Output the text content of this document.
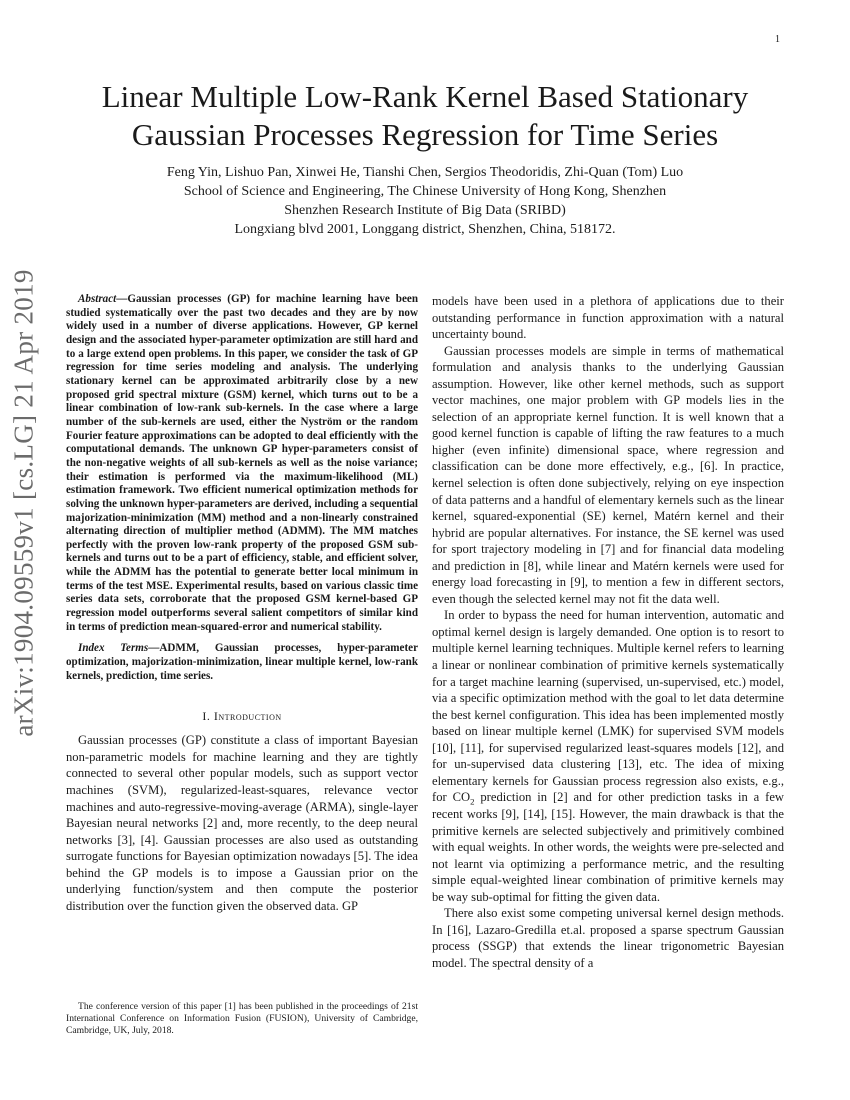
1
arXiv:1904.09559v1 [cs.LG] 21 Apr 2019
Linear Multiple Low-Rank Kernel Based Stationary
Gaussian Processes Regression for Time Series
Feng Yin, Lishuo Pan, Xinwei He, Tianshi Chen, Sergios Theodoridis, Zhi-Quan (Tom) Luo
School of Science and Engineering, The Chinese University of Hong Kong, Shenzhen
Shenzhen Research Institute of Big Data (SRIBD)
Longxiang blvd 2001, Longgang district, Shenzhen, China, 518172.

Abstract—Gaussian processes (GP) for machine learning have been studied systematically over the past two decades and they are by now widely used in a number of diverse applications. However, GP kernel design and the associated hyper-parameter optimization are still hard and to a large extend open problems. In this paper, we consider the task of GP regression for time series modeling and analysis. The underlying stationary kernel can be approximated arbitrarily close by a new proposed grid spectral mixture (GSM) kernel, which turns out to be a linear combination of low-rank sub-kernels. In the case where a large number of the sub-kernels are used, either the Nyström or the random Fourier feature approximations can be adopted to deal efficiently with the computational demands. The unknown GP hyper-parameters consist of the non-negative weights of all sub-kernels as well as the noise variance; their estimation is performed via the maximum-likelihood (ML) estimation framework. Two efficient numerical optimization methods for solving the unknown hyper-parameters are derived, including a sequential majorization-minimization (MM) method and a non-linearly constrained alternating direction of multiplier method (ADMM). The MM matches perfectly with the proven low-rank property of the proposed GSM sub-kernels and turns out to be a part of efficiency, stable, and efficient solver, while the ADMM has the potential to generate better local minimum in terms of the test MSE. Experimental results, based on various classic time series data sets, corroborate that the proposed GSM kernel-based GP regression model outperforms several salient competitors of similar kind in terms of prediction mean-squared-error and numerical stability.

Index Terms—ADMM, Gaussian processes, hyper-parameter optimization, majorization-minimization, linear multiple kernel, low-rank kernels, prediction, time series.

I. Introduction

Gaussian processes (GP) constitute a class of important Bayesian non-parametric models for machine learning and they are tightly connected to several other popular models, such as support vector machines (SVM), regularized-least-squares, relevance vector machines and auto-regressive-moving-average (ARMA), single-layer Bayesian neural networks [2] and, more recently, to the deep neural networks [3], [4]. Gaussian processes are also used as outstanding surrogate functions for Bayesian optimization nowadays [5]. The idea behind the GP models is to impose a Gaussian prior on the underlying function/system and then compute the posterior distribution over the function given the observed data. GP

The conference version of this paper [1] has been published in the proceedings of 21st International Conference on Information Fusion (FUSION), University of Cambridge, Cambridge, UK, July, 2018.

models have been used in a plethora of applications due to their outstanding performance in function approximation with a natural uncertainty bound.

Gaussian processes models are simple in terms of mathematical formulation and analysis thanks to the underlying Gaussian assumption. However, like other kernel methods, such as support vector machines, one major problem with GP models lies in the selection of an appropriate kernel function. It is well known that a good kernel function is capable of lifting the raw features to a much higher (even infinite) dimensional space, where regression and classification can be done more effectively, e.g., [6]. In practice, kernel selection is often done subjectively, relying on eye inspection of data patterns and a handful of elementary kernels such as the linear kernel, squared-exponential (SE) kernel, Matérn kernel and their hybrid are popular alternatives. For instance, the SE kernel was used for sport trajectory modeling in [7] and for financial data modeling and prediction in [8], while linear and Matérn kernels were used for energy load forecasting in [9], to mention a few in different sectors, even though the selected kernel may not fit the data well.

In order to bypass the need for human intervention, automatic and optimal kernel design is largely demanded. One option is to resort to multiple kernel learning techniques. Multiple kernel refers to learning a linear or nonlinear combination of primitive kernels systematically for a target machine learning (supervised, un-supervised, etc.) model, via a specific optimization method with the goal to let data determine the best kernel configuration. This idea has been implemented mostly based on linear multiple kernel (LMK) for supervised SVM models [10], [11], for supervised regularized least-squares models [12], and for un-supervised data clustering [13], etc. The idea of mixing elementary kernels for Gaussian process regression also exists, e.g., for $CO_2$ prediction in [2] and for other prediction tasks in a few recent works [9], [14], [15]. However, the main drawback is that the primitive kernels are selected subjectively and primitively combined with equal weights. In other words, the weights were pre-selected and not learnt via optimizing a performance metric, and the resulting simple equal-weighted linear combination of primitive kernels may be way sub-optimal for fitting the given data.

There also exist some competing universal kernel design methods. In [16], Lazaro-Gredilla et.al. proposed a sparse spectrum Gaussian process (SSGP) that extends the linear trigonometric Bayesian model. The spectral density of a
